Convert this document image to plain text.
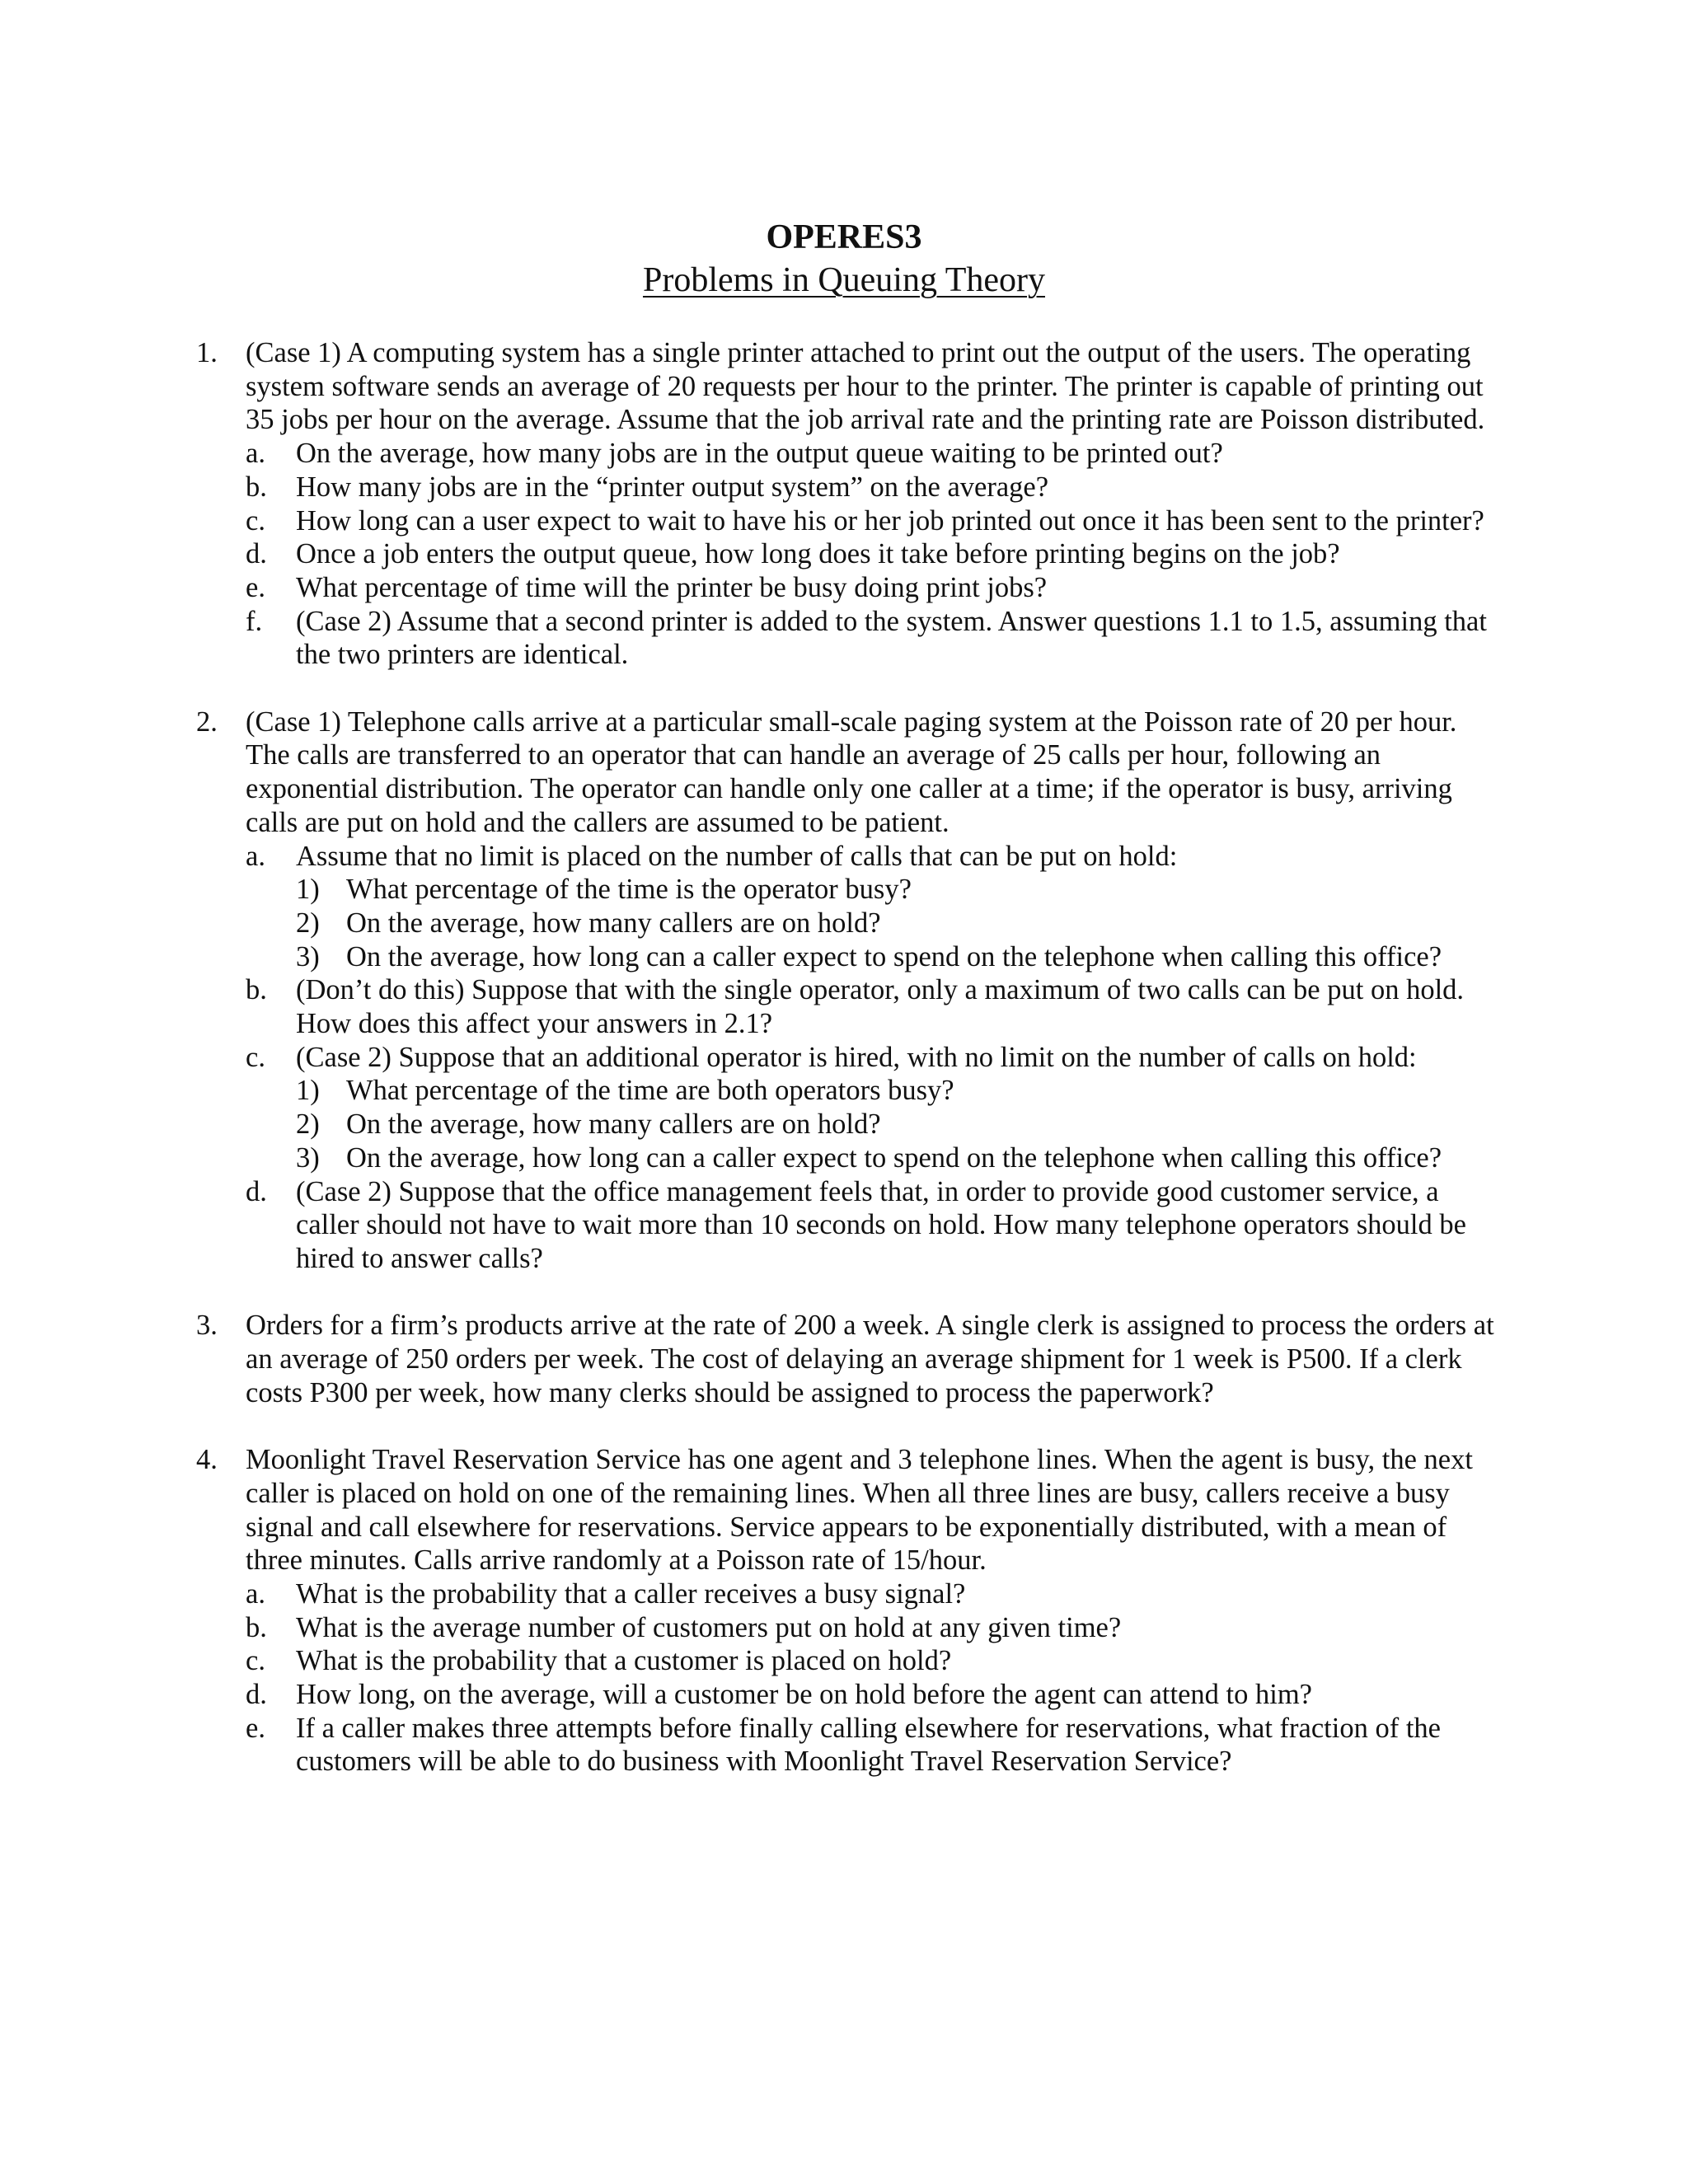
OPERES3
Problems in Queuing Theory
1. (Case 1) A computing system has a single printer attached to print out the output of the users. The operating system software sends an average of 20 requests per hour to the printer. The printer is capable of printing out 35 jobs per hour on the average. Assume that the job arrival rate and the printing rate are Poisson distributed.
a. On the average, how many jobs are in the output queue waiting to be printed out?
b. How many jobs are in the “printer output system” on the average?
c. How long can a user expect to wait to have his or her job printed out once it has been sent to the printer?
d. Once a job enters the output queue, how long does it take before printing begins on the job?
e. What percentage of time will the printer be busy doing print jobs?
f. (Case 2) Assume that a second printer is added to the system. Answer questions 1.1 to 1.5, assuming that the two printers are identical.
2. (Case 1) Telephone calls arrive at a particular small-scale paging system at the Poisson rate of 20 per hour. The calls are transferred to an operator that can handle an average of 25 calls per hour, following an exponential distribution. The operator can handle only one caller at a time; if the operator is busy, arriving calls are put on hold and the callers are assumed to be patient.
a. Assume that no limit is placed on the number of calls that can be put on hold:
1) What percentage of the time is the operator busy?
2) On the average, how many callers are on hold?
3) On the average, how long can a caller expect to spend on the telephone when calling this office?
b. (Don’t do this) Suppose that with the single operator, only a maximum of two calls can be put on hold. How does this affect your answers in 2.1?
c. (Case 2) Suppose that an additional operator is hired, with no limit on the number of calls on hold:
1) What percentage of the time are both operators busy?
2) On the average, how many callers are on hold?
3) On the average, how long can a caller expect to spend on the telephone when calling this office?
d. (Case 2) Suppose that the office management feels that, in order to provide good customer service, a caller should not have to wait more than 10 seconds on hold. How many telephone operators should be hired to answer calls?
3. Orders for a firm’s products arrive at the rate of 200 a week. A single clerk is assigned to process the orders at an average of 250 orders per week. The cost of delaying an average shipment for 1 week is P500. If a clerk costs P300 per week, how many clerks should be assigned to process the paperwork?
4. Moonlight Travel Reservation Service has one agent and 3 telephone lines. When the agent is busy, the next caller is placed on hold on one of the remaining lines. When all three lines are busy, callers receive a busy signal and call elsewhere for reservations. Service appears to be exponentially distributed, with a mean of three minutes. Calls arrive randomly at a Poisson rate of 15/hour.
a. What is the probability that a caller receives a busy signal?
b. What is the average number of customers put on hold at any given time?
c. What is the probability that a customer is placed on hold?
d. How long, on the average, will a customer be on hold before the agent can attend to him?
e. If a caller makes three attempts before finally calling elsewhere for reservations, what fraction of the customers will be able to do business with Moonlight Travel Reservation Service?
